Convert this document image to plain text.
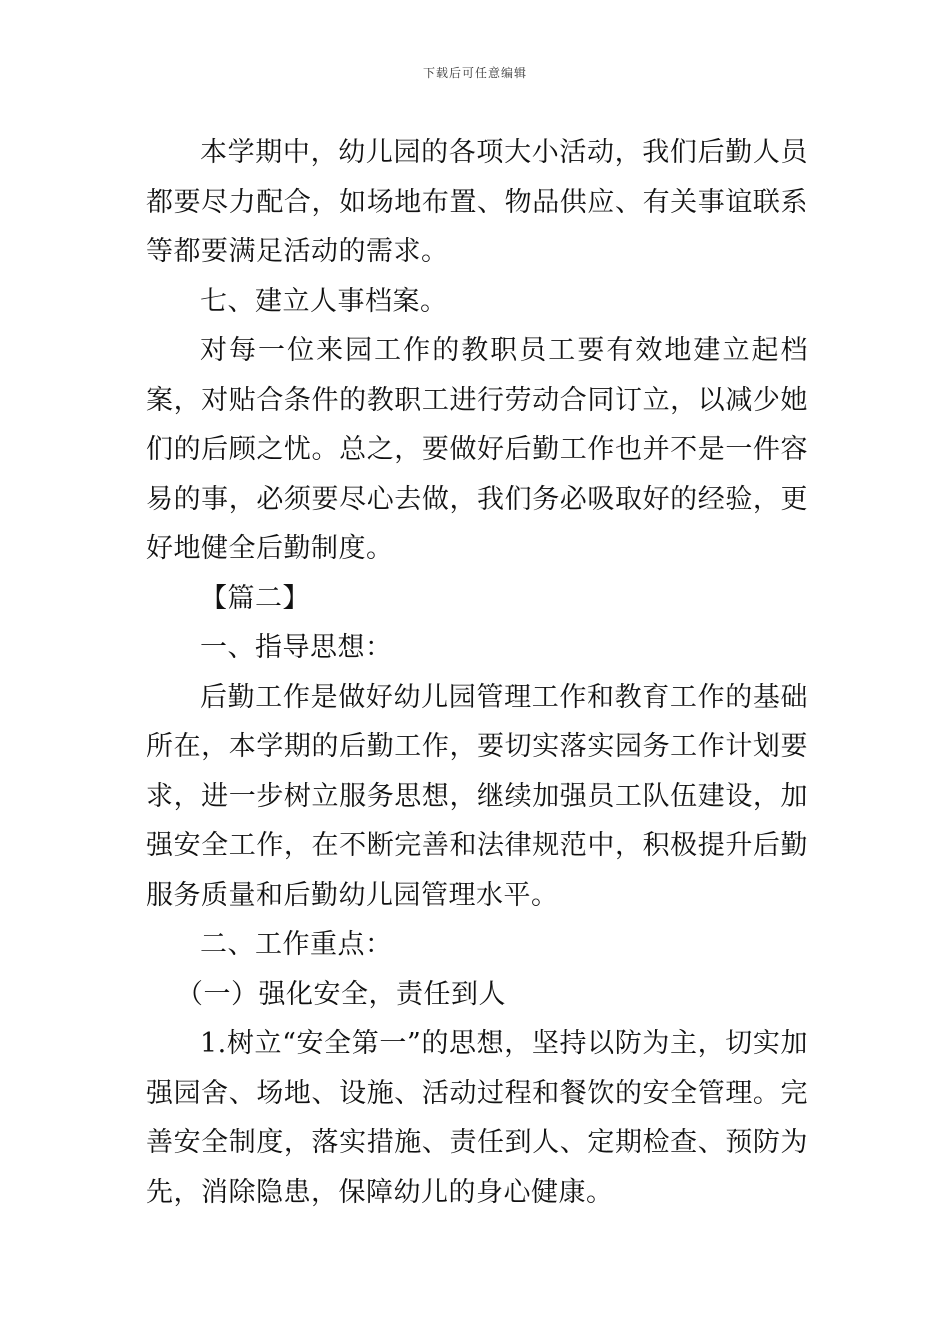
下载后可任意编辑

本学期中，幼儿园的各项大小活动，我们后勤人员都要尽力配合，如场地布置、物品供应、有关事谊联系等都要满足活动的需求。

七、建立人事档案。

对每一位来园工作的教职员工要有效地建立起档案，对贴合条件的教职工进行劳动合同订立，以减少她们的后顾之忧。总之，要做好后勤工作也并不是一件容易的事，必须要尽心去做，我们务必吸取好的经验，更好地健全后勤制度。

【篇二】

一、指导思想：

后勤工作是做好幼儿园管理工作和教育工作的基础所在，本学期的后勤工作，要切实落实园务工作计划要求，进一步树立服务思想，继续加强员工队伍建设，加强安全工作，在不断完善和法律规范中，积极提升后勤服务质量和后勤幼儿园管理水平。

二、工作重点：

（一）强化安全，责任到人

1.树立“安全第一”的思想，坚持以防为主，切实加强园舍、场地、设施、活动过程和餐饮的安全管理。完善安全制度，落实措施、责任到人、定期检查、预防为先，消除隐患，保障幼儿的身心健康。
